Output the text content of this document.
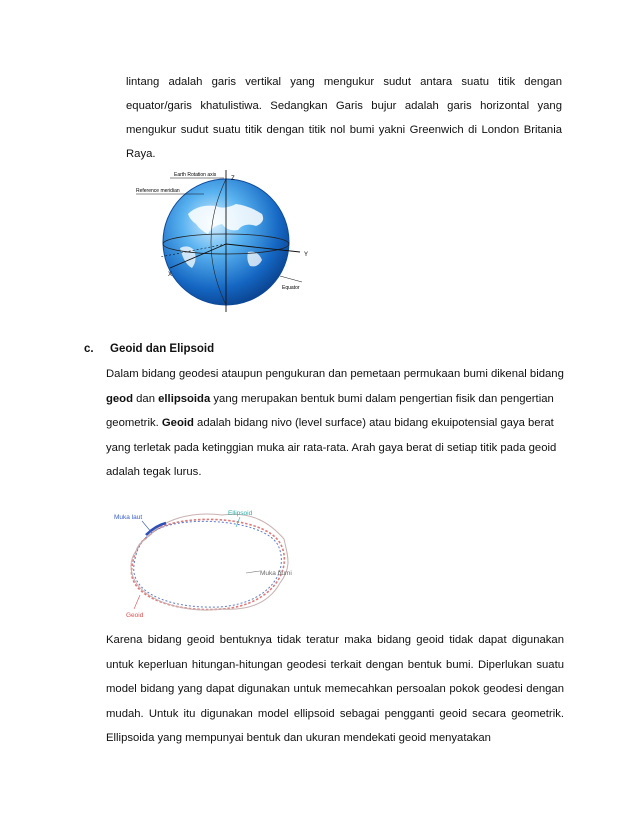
lintang adalah garis vertikal yang mengukur sudut antara suatu titik dengan equator/garis khatulistiwa. Sedangkan Garis bujur adalah garis horizontal yang mengukur sudut suatu titik dengan titik nol bumi yakni Greenwich di London Britania Raya.
Earth Rotation axis
Reference meridian
Z
Y
X
Equator
c. Geoid dan Elipsoid
Dalam bidang geodesi ataupun pengukuran dan pemetaan permukaan bumi dikenal bidang geod dan ellipsoida yang merupakan bentuk bumi dalam pengertian fisik dan pengertian geometrik. Geoid adalah bidang nivo (level surface) atau bidang ekuipotensial gaya berat yang terletak pada ketinggian muka air rata-rata. Arah gaya berat di setiap titik pada geoid adalah tegak lurus.
Muka laut
Ellipsoid
Muka bumi
Geoid
Karena bidang geoid bentuknya tidak teratur maka bidang geoid tidak dapat digunakan untuk keperluan hitungan-hitungan geodesi terkait dengan bentuk bumi. Diperlukan suatu model bidang yang dapat digunakan untuk memecahkan persoalan pokok geodesi dengan mudah. Untuk itu digunakan model ellipsoid sebagai pengganti geoid secara geometrik. Ellipsoida yang mempunyai bentuk dan ukuran mendekati geoid menyatakan
